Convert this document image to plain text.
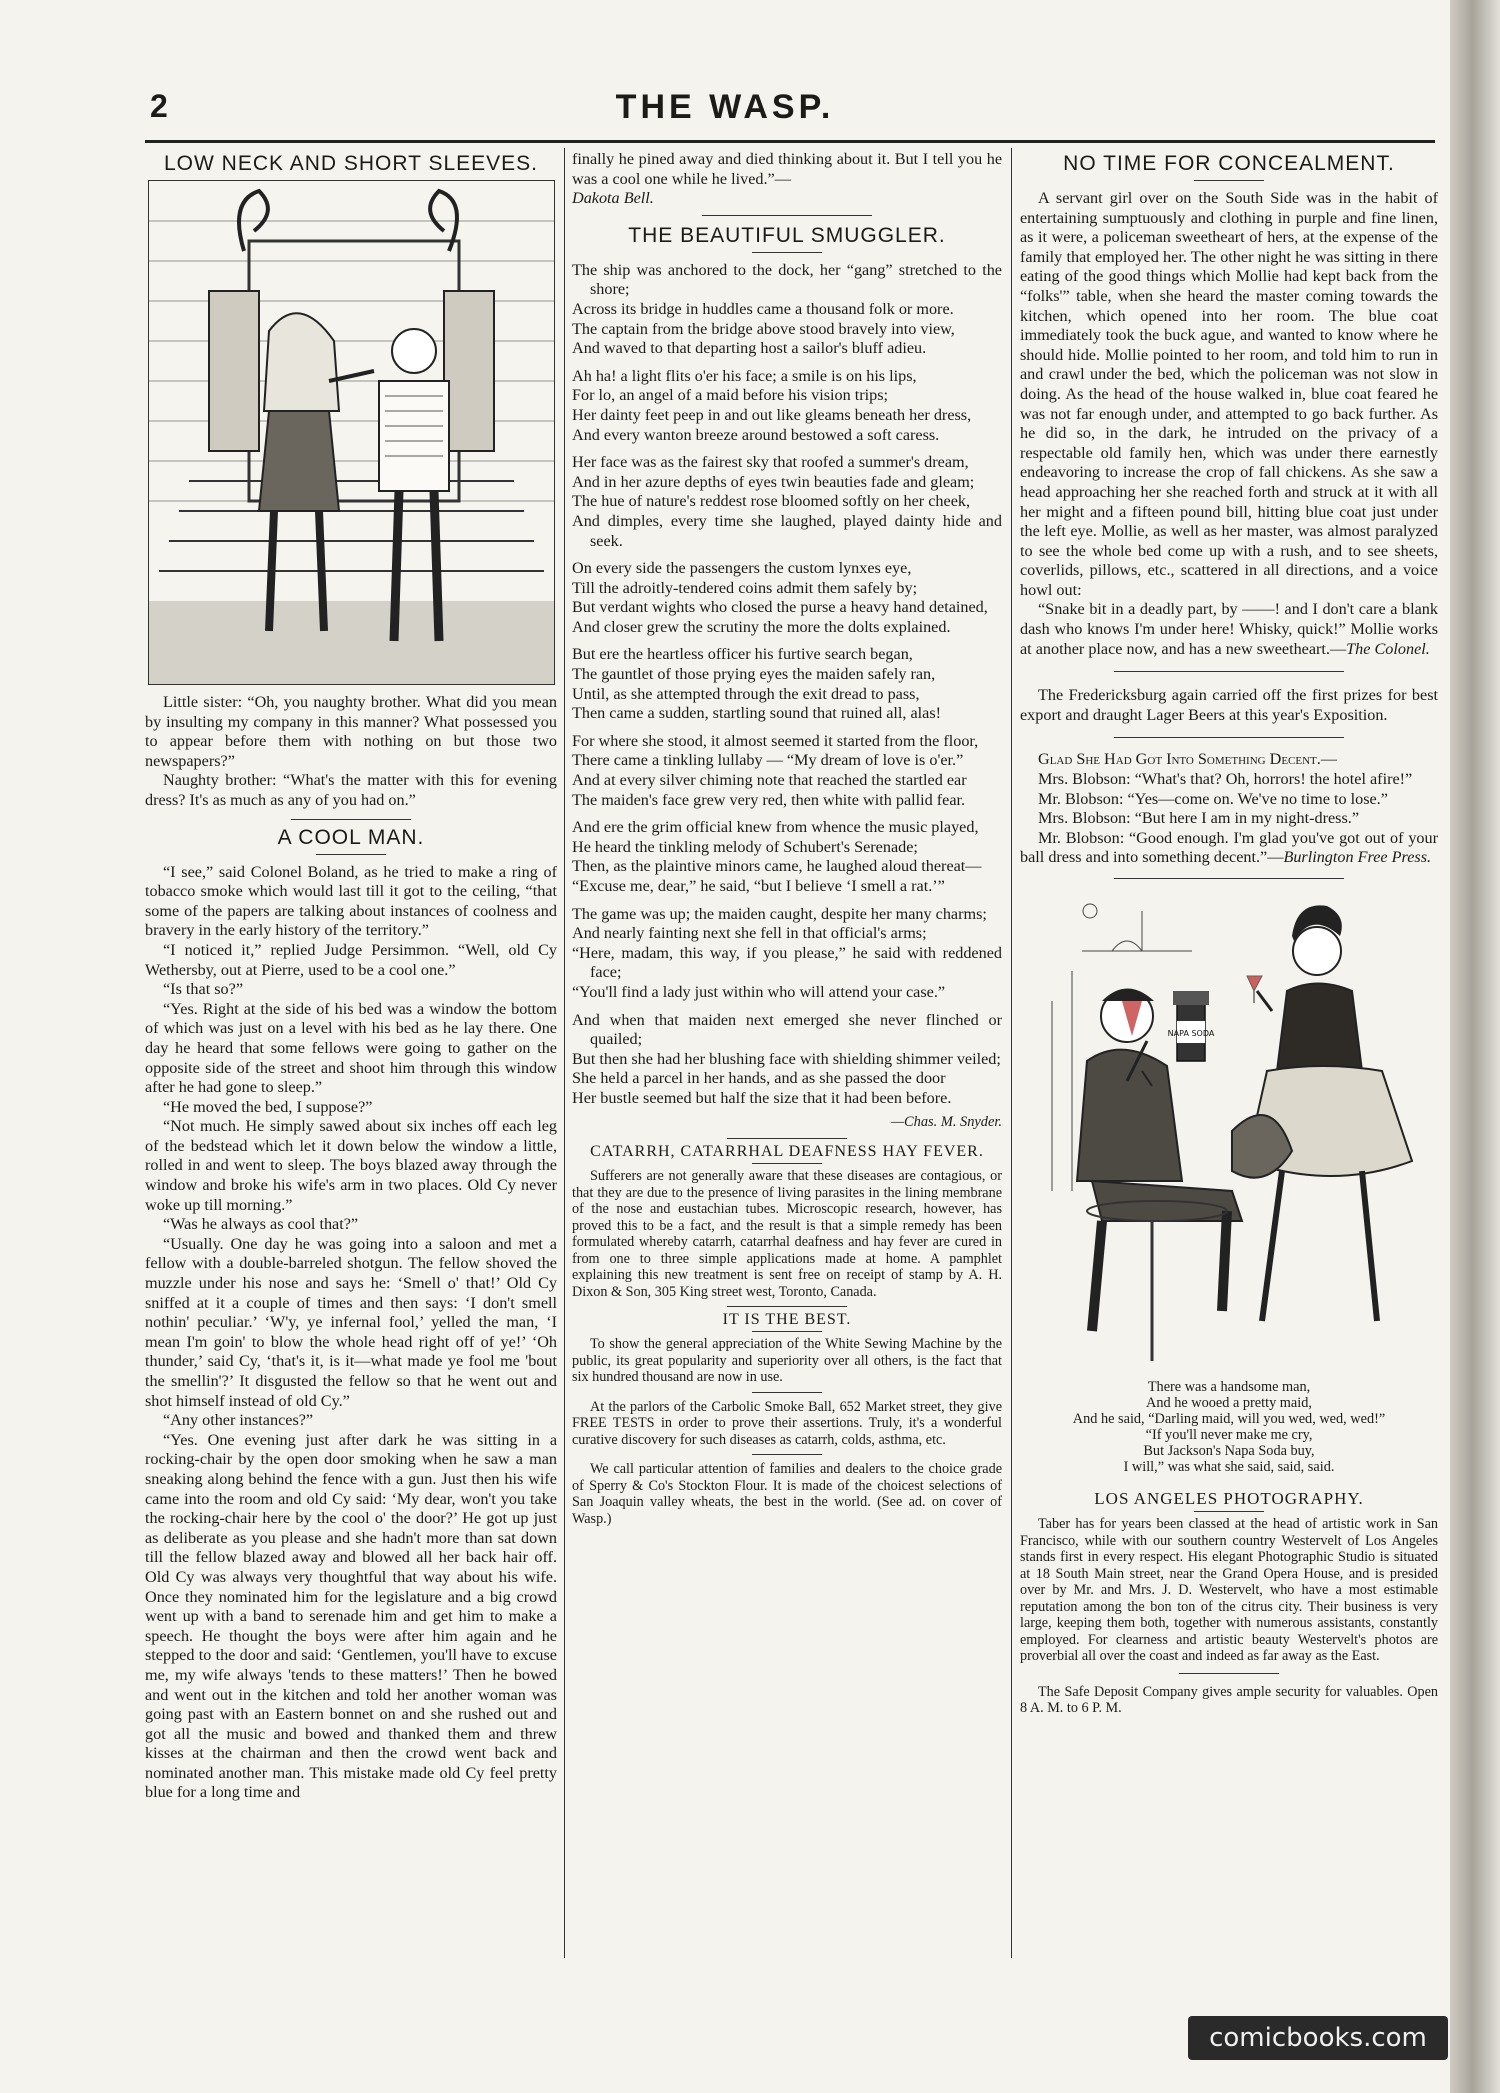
2	THE WASP.
LOW NECK AND SHORT SLEEVES.

Little sister: “Oh, you naughty brother. What did you mean by insulting my company in this manner? What possessed you to appear before them with nothing on but those two newspapers?”

Naughty brother: “What's the matter with this for evening dress? It's as much as any of you had on.”

A COOL MAN.

“I see,” said Colonel Boland, as he tried to make a ring of tobacco smoke which would last till it got to the ceiling, “that some of the papers are talking about instances of coolness and bravery in the early history of the territory.”

“I noticed it,” replied Judge Persimmon. “Well, old Cy Wethersby, out at Pierre, used to be a cool one.”

“Is that so?”

“Yes. Right at the side of his bed was a window the bottom of which was just on a level with his bed as he lay there. One day he heard that some fellows were going to gather on the opposite side of the street and shoot him through this window after he had gone to sleep.”

“He moved the bed, I suppose?”

“Not much. He simply sawed about six inches off each leg of the bedstead which let it down below the window a little, rolled in and went to sleep. The boys blazed away through the window and broke his wife's arm in two places. Old Cy never woke up till morning.”

“Was he always as cool that?”

“Usually. One day he was going into a saloon and met a fellow with a double-barreled shotgun. The fellow shoved the muzzle under his nose and says he: ‘Smell o' that!’ Old Cy sniffed at it a couple of times and then says: ‘I don't smell nothin' peculiar.’ ‘W'y, ye infernal fool,’ yelled the man, ‘I mean I'm goin' to blow the whole head right off of ye!’ ‘Oh thunder,’ said Cy, ‘that's it, is it—what made ye fool me 'bout the smellin'?’ It disgusted the fellow so that he went out and shot himself instead of old Cy.”

“Any other instances?”

“Yes. One evening just after dark he was sitting in a rocking-chair by the open door smoking when he saw a man sneaking along behind the fence with a gun. Just then his wife came into the room and old Cy said: ‘My dear, won't you take the rocking-chair here by the cool o' the door?’ He got up just as deliberate as you please and she hadn't more than sat down till the fellow blazed away and blowed all her back hair off. Old Cy was always very thoughtful that way about his wife. Once they nominated him for the legislature and a big crowd went up with a band to serenade him and get him to make a speech. He thought the boys were after him again and he stepped to the door and said: ‘Gentlemen, you'll have to excuse me, my wife always 'tends to these matters!’ Then he bowed and went out in the kitchen and told her another woman was going past with an Eastern bonnet on and she rushed out and got all the music and bowed and thanked them and threw kisses at the chairman and then the crowd went back and nominated another man. This mistake made old Cy feel pretty blue for a long time and

finally he pined away and died thinking about it. But I tell you he was a cool one while he lived.”—
Dakota Bell.

THE BEAUTIFUL SMUGGLER.
The ship was anchored to the dock, her “gang” stretched to the shore;
Across its bridge in huddles came a thousand folk or more.
The captain from the bridge above stood bravely into view,
And waved to that departing host a sailor's bluff adieu.
Ah ha! a light flits o'er his face; a smile is on his lips,
For lo, an angel of a maid before his vision trips;
Her dainty feet peep in and out like gleams beneath her dress,
And every wanton breeze around bestowed a soft caress.
Her face was as the fairest sky that roofed a summer's dream,
And in her azure depths of eyes twin beauties fade and gleam;
The hue of nature's reddest rose bloomed softly on her cheek,
And dimples, every time she laughed, played dainty hide and seek.
On every side the passengers the custom lynxes eye,
Till the adroitly-tendered coins admit them safely by;
But verdant wights who closed the purse a heavy hand detained,
And closer grew the scrutiny the more the dolts explained.
But ere the heartless officer his furtive search began,
The gauntlet of those prying eyes the maiden safely ran,
Until, as she attempted through the exit dread to pass,
Then came a sudden, startling sound that ruined all, alas!
For where she stood, it almost seemed it started from the floor,
There came a tinkling lullaby — “My dream of love is o'er.”
And at every silver chiming note that reached the startled ear
The maiden's face grew very red, then white with pallid fear.
And ere the grim official knew from whence the music played,
He heard the tinkling melody of Schubert's Serenade;
Then, as the plaintive minors came, he laughed aloud thereat—
“Excuse me, dear,” he said, “but I believe ‘I smell a rat.’”
The game was up; the maiden caught, despite her many charms;
And nearly fainting next she fell in that official's arms;
“Here, madam, this way, if you please,” he said with reddened face;
“You'll find a lady just within who will attend your case.”
And when that maiden next emerged she never flinched or quailed;
But then she had her blushing face with shielding shimmer veiled;
She held a parcel in her hands, and as she passed the door
Her bustle seemed but half the size that it had been before.
—Chas. M. Snyder.
CATARRH, CATARRHAL DEAFNESS HAY FEVER.

Sufferers are not generally aware that these diseases are contagious, or that they are due to the presence of living parasites in the lining membrane of the nose and eustachian tubes. Microscopic research, however, has proved this to be a fact, and the result is that a simple remedy has been formulated whereby catarrh, catarrhal deafness and hay fever are cured in from one to three simple applications made at home. A pamphlet explaining this new treatment is sent free on receipt of stamp by A. H. Dixon & Son, 305 King street west, Toronto, Canada.

IT IS THE BEST.

To show the general appreciation of the White Sewing Machine by the public, its great popularity and superiority over all others, is the fact that six hundred thousand are now in use.

At the parlors of the Carbolic Smoke Ball, 652 Market street, they give FREE TESTS in order to prove their assertions. Truly, it's a wonderful curative discovery for such diseases as catarrh, colds, asthma, etc.

We call particular attention of families and dealers to the choice grade of Sperry & Co's Stockton Flour. It is made of the choicest selections of San Joaquin valley wheats, the best in the world. (See ad. on cover of Wasp.)

NO TIME FOR CONCEALMENT.

A servant girl over on the South Side was in the habit of entertaining sumptuously and clothing in purple and fine linen, as it were, a policeman sweetheart of hers, at the expense of the family that employed her. The other night he was sitting in there eating of the good things which Mollie had kept back from the “folks'” table, when she heard the master coming towards the kitchen, which opened into her room. The blue coat immediately took the buck ague, and wanted to know where he should hide. Mollie pointed to her room, and told him to run in and crawl under the bed, which the policeman was not slow in doing. As the head of the house walked in, blue coat feared he was not far enough under, and attempted to go back further. As he did so, in the dark, he intruded on the privacy of a respectable old family hen, which was under there earnestly endeavoring to increase the crop of fall chickens. As she saw a head approaching her she reached forth and struck at it with all her might and a fifteen pound bill, hitting blue coat just under the left eye. Mollie, as well as her master, was almost paralyzed to see the whole bed come up with a rush, and to see sheets, coverlids, pillows, etc., scattered in all directions, and a voice howl out:

“Snake bit in a deadly part, by ——! and I don't care a blank dash who knows I'm under here! Whisky, quick!” Mollie works at another place now, and has a new sweetheart.—The Colonel.

The Fredericksburg again carried off the first prizes for best export and draught Lager Beers at this year's Exposition.

Glad She Had Got Into Something Decent.—

Mrs. Blobson: “What's that? Oh, horrors! the hotel afire!”

Mr. Blobson: “Yes—come on. We've no time to lose.”

Mrs. Blobson: “But here I am in my night-dress.”

Mr. Blobson: “Good enough. I'm glad you've got out of your ball dress and into something decent.”—Burlington Free Press.

NAPA SODA
There was a handsome man,
And he wooed a pretty maid,
And he said, “Darling maid, will you wed, wed, wed!”
“If you'll never make me cry,
But Jackson's Napa Soda buy,
I will,” was what she said, said, said.
LOS ANGELES PHOTOGRAPHY.

Taber has for years been classed at the head of artistic work in San Francisco, while with our southern country Westervelt of Los Angeles stands first in every respect. His elegant Photographic Studio is situated at 18 South Main street, near the Grand Opera House, and is presided over by Mr. and Mrs. J. D. Westervelt, who have a most estimable reputation among the bon ton of the citrus city. Their business is very large, keeping them both, together with numerous assistants, constantly employed. For clearness and artistic beauty Westervelt's photos are proverbial all over the coast and indeed as far away as the East.

The Safe Deposit Company gives ample security for valuables. Open 8 A. M. to 6 P. M.

comicbooks.com
